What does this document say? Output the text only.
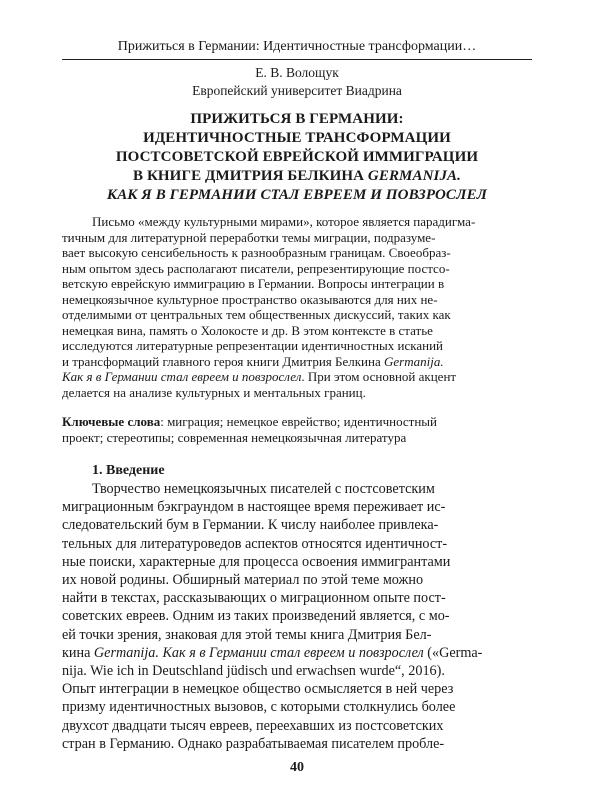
Прижиться в Германии: Идентичностные трансформации…
Е. В. Волощук
Европейский университет Виадрина
ПРИЖИТЬСЯ В ГЕРМАНИИ:
ИДЕНТИЧНОСТНЫЕ ТРАНСФОРМАЦИИ
ПОСТСОВЕТСКОЙ ЕВРЕЙСКОЙ ИММИГРАЦИИ
В КНИГЕ ДМИТРИЯ БЕЛКИНА GERMANIJA.
КАК Я В ГЕРМАНИИ СТАЛ ЕВРЕЕМ И ПОВЗРОСЛЕЛ
Письмо «между культурными мирами», которое является парадигма-
тичным для литературной переработки темы миграции, подразуме-
вает высокую сенсибельность к разнообразным границам. Своеобраз-
ным опытом здесь располагают писатели, репрезентирующие постсо-
ветскую еврейскую иммиграцию в Германии. Вопросы интеграции в
немецкоязычное культурное пространство оказываются для них не-
отделимыми от центральных тем общественных дискуссий, таких как
немецкая вина, память о Холокосте и др. В этом контексте в статье
исследуются литературные репрезентации идентичностных исканий
и трансформаций главного героя книги Дмитрия Белкина Germanija.
Как я в Германии стал евреем и повзрослел. При этом основной акцент
делается на анализе культурных и ментальных границ.
Ключевые слова: миграция; немецкое еврейство; идентичностный
проект; стереотипы; современная немецкоязычная литература
1. Введение
Творчество немецкоязычных писателей с постсоветским
миграционным бэкграундом в настоящее время переживает ис-
следовательский бум в Германии. К числу наиболее привлека-
тельных для литературоведов аспектов относятся идентичност-
ные поиски, характерные для процесса освоения иммигрантами
их новой родины. Обширный материал по этой теме можно
найти в текстах, рассказывающих о миграционном опыте пост-
советских евреев. Одним из таких произведений является, с мо-
ей точки зрения, знаковая для этой темы книга Дмитрия Бел-
кина Germanija. Как я в Германии стал евреем и повзрослел («Germa-
nija. Wie ich in Deutschland jüdisch und erwachsen wurde“, 2016).
Опыт интеграции в немецкое общество осмысляется в ней через
призму идентичностных вызовов, с которыми столкнулись более
двухсот двадцати тысяч евреев, переехавших из постсоветских
стран в Германию. Однако разрабатываемая писателем пробле-
40
